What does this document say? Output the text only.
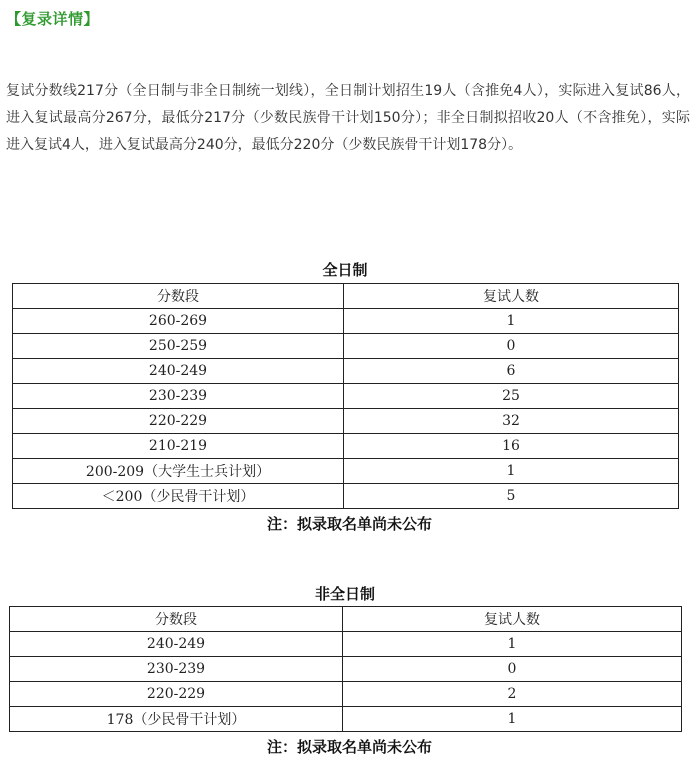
【复录详情】

复试分数线217分（全日制与非全日制统一划线），全日制计划招生19人（含推免4人），实际进入复试86人，进入复试最高分267分，最低分217分（少数民族骨干计划150分）；非全日制拟招收20人（不含推免），实际进入复试4人，进入复试最高分240分，最低分220分（少数民族骨干计划178分）。

全日制
分数段	复试人数
260-269	1
250-259	0
240-249	6
230-239	25
220-229	32
210-219	16
200-209（大学生士兵计划）	1
＜200（少民骨干计划）	5
注：拟录取名单尚未公布
非全日制
分数段	复试人数
240-249	1
230-239	0
220-229	2
178（少民骨干计划）	1
注：拟录取名单尚未公布
